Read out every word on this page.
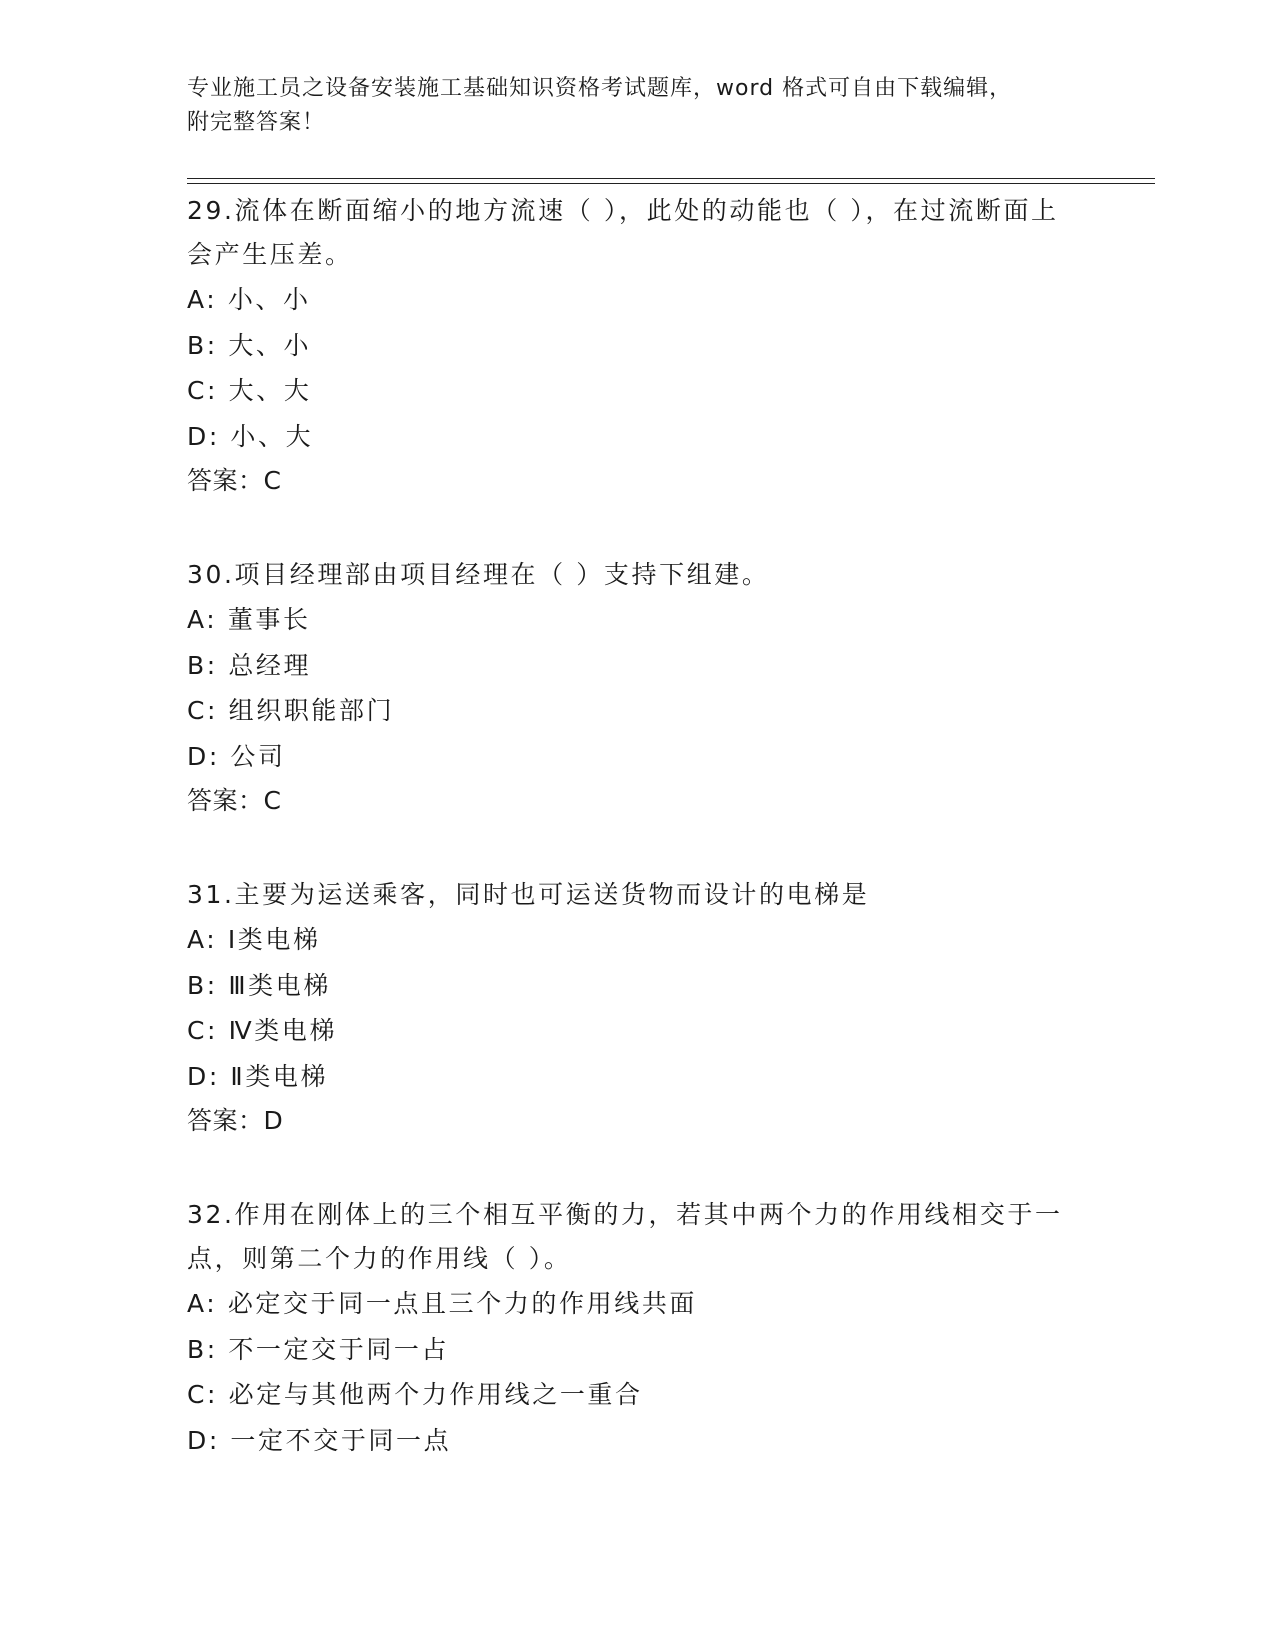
专业施工员之设备安装施工基础知识资格考试题库，word 格式可自由下载编辑，
附完整答案！

29.流体在断面缩小的地方流速（ ），此处的动能也（ ），在过流断面上会产生压差。

A: 小、小

B: 大、小

C: 大、大

D: 小、大

答案：C

30.项目经理部由项目经理在（ ）支持下组建。

A: 董事长

B: 总经理

C: 组织职能部门

D: 公司

答案：C

31.主要为运送乘客，同时也可运送货物而设计的电梯是

A: Ⅰ类电梯

B: Ⅲ类电梯

C: Ⅳ类电梯

D: Ⅱ类电梯

答案：D

32.作用在刚体上的三个相互平衡的力，若其中两个力的作用线相交于一点，则第二个力的作用线（ ）。

A: 必定交于同一点且三个力的作用线共面

B: 不一定交于同一占

C: 必定与其他两个力作用线之一重合

D: 一定不交于同一点
